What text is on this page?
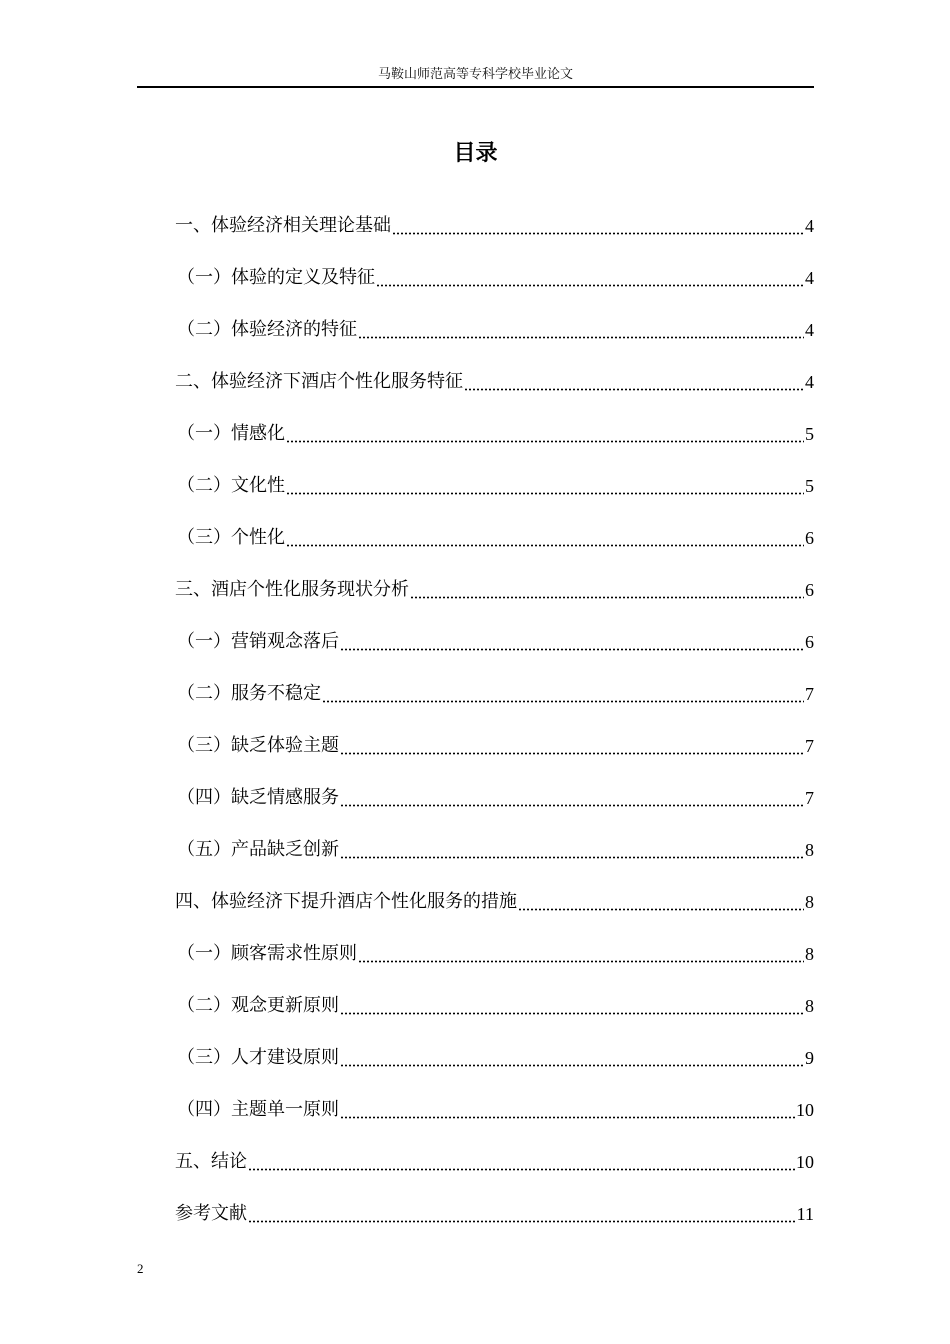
马鞍山师范高等专科学校毕业论文
目录
一、体验经济相关理论基础	4
（一）体验的定义及特征	4
（二）体验经济的特征	4
二、体验经济下酒店个性化服务特征	4
（一）情感化	5
（二）文化性	5
（三）个性化	6
三、酒店个性化服务现状分析	6
（一）营销观念落后	6
（二）服务不稳定	7
（三）缺乏体验主题	7
（四）缺乏情感服务	7
（五）产品缺乏创新	8
四、体验经济下提升酒店个性化服务的措施	8
（一）顾客需求性原则	8
（二）观念更新原则	8
（三）人才建设原则	9
（四）主题单一原则	10
五、结论	10
参考文献	11
2
